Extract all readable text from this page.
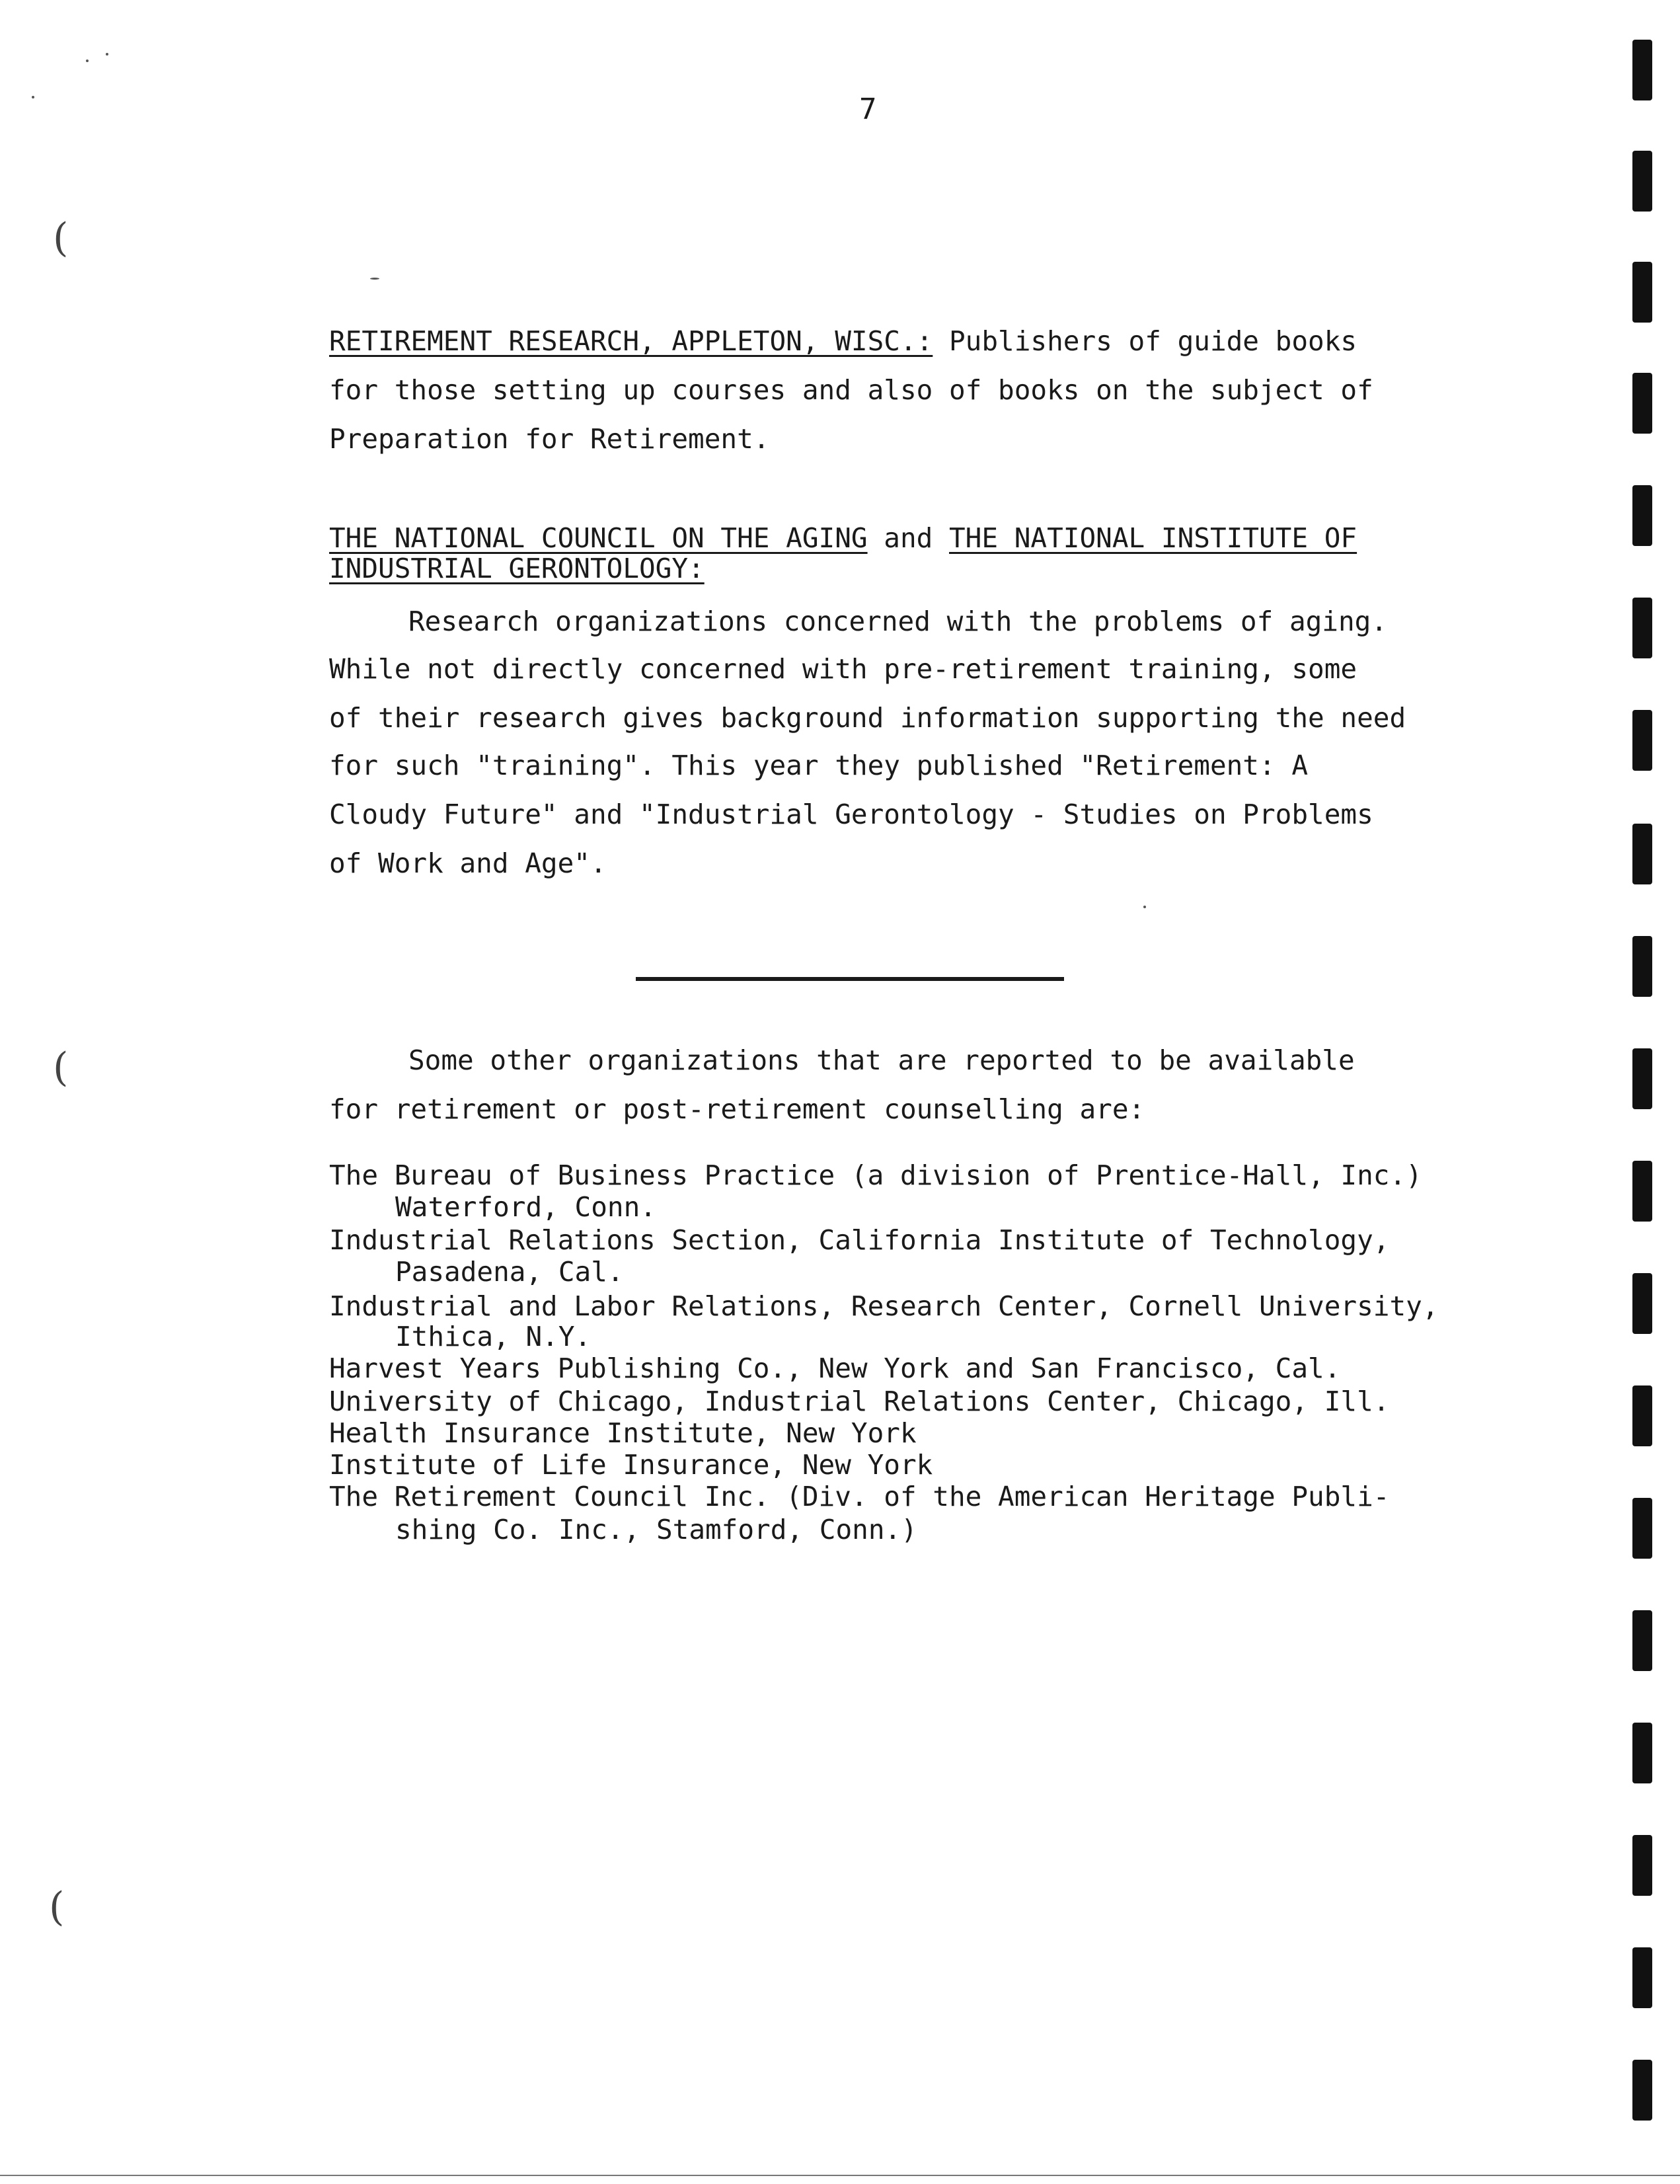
7
RETIREMENT RESEARCH, APPLETON, WISC.: Publishers of guide books
for those setting up courses and also of books on the subject of
Preparation for Retirement.
THE NATIONAL COUNCIL ON THE AGING and THE NATIONAL INSTITUTE OF
INDUSTRIAL GERONTOLOGY:
Research organizations concerned with the problems of aging.
While not directly concerned with pre-retirement training, some
of their research gives background information supporting the need
for such "training". This year they published "Retirement: A
Cloudy Future" and "Industrial Gerontology - Studies on Problems
of Work and Age".
Some other organizations that are reported to be available
for retirement or post-retirement counselling are:
The Bureau of Business Practice (a division of Prentice-Hall, Inc.)
Waterford, Conn.
Industrial Relations Section, California Institute of Technology,
Pasadena, Cal.
Industrial and Labor Relations, Research Center, Cornell University,
Ithica, N.Y.
Harvest Years Publishing Co., New York and San Francisco, Cal.
University of Chicago, Industrial Relations Center, Chicago, Ill.
Health Insurance Institute, New York
Institute of Life Insurance, New York
The Retirement Council Inc. (Div. of the American Heritage Publi-
shing Co. Inc., Stamford, Conn.)
(
(
(
